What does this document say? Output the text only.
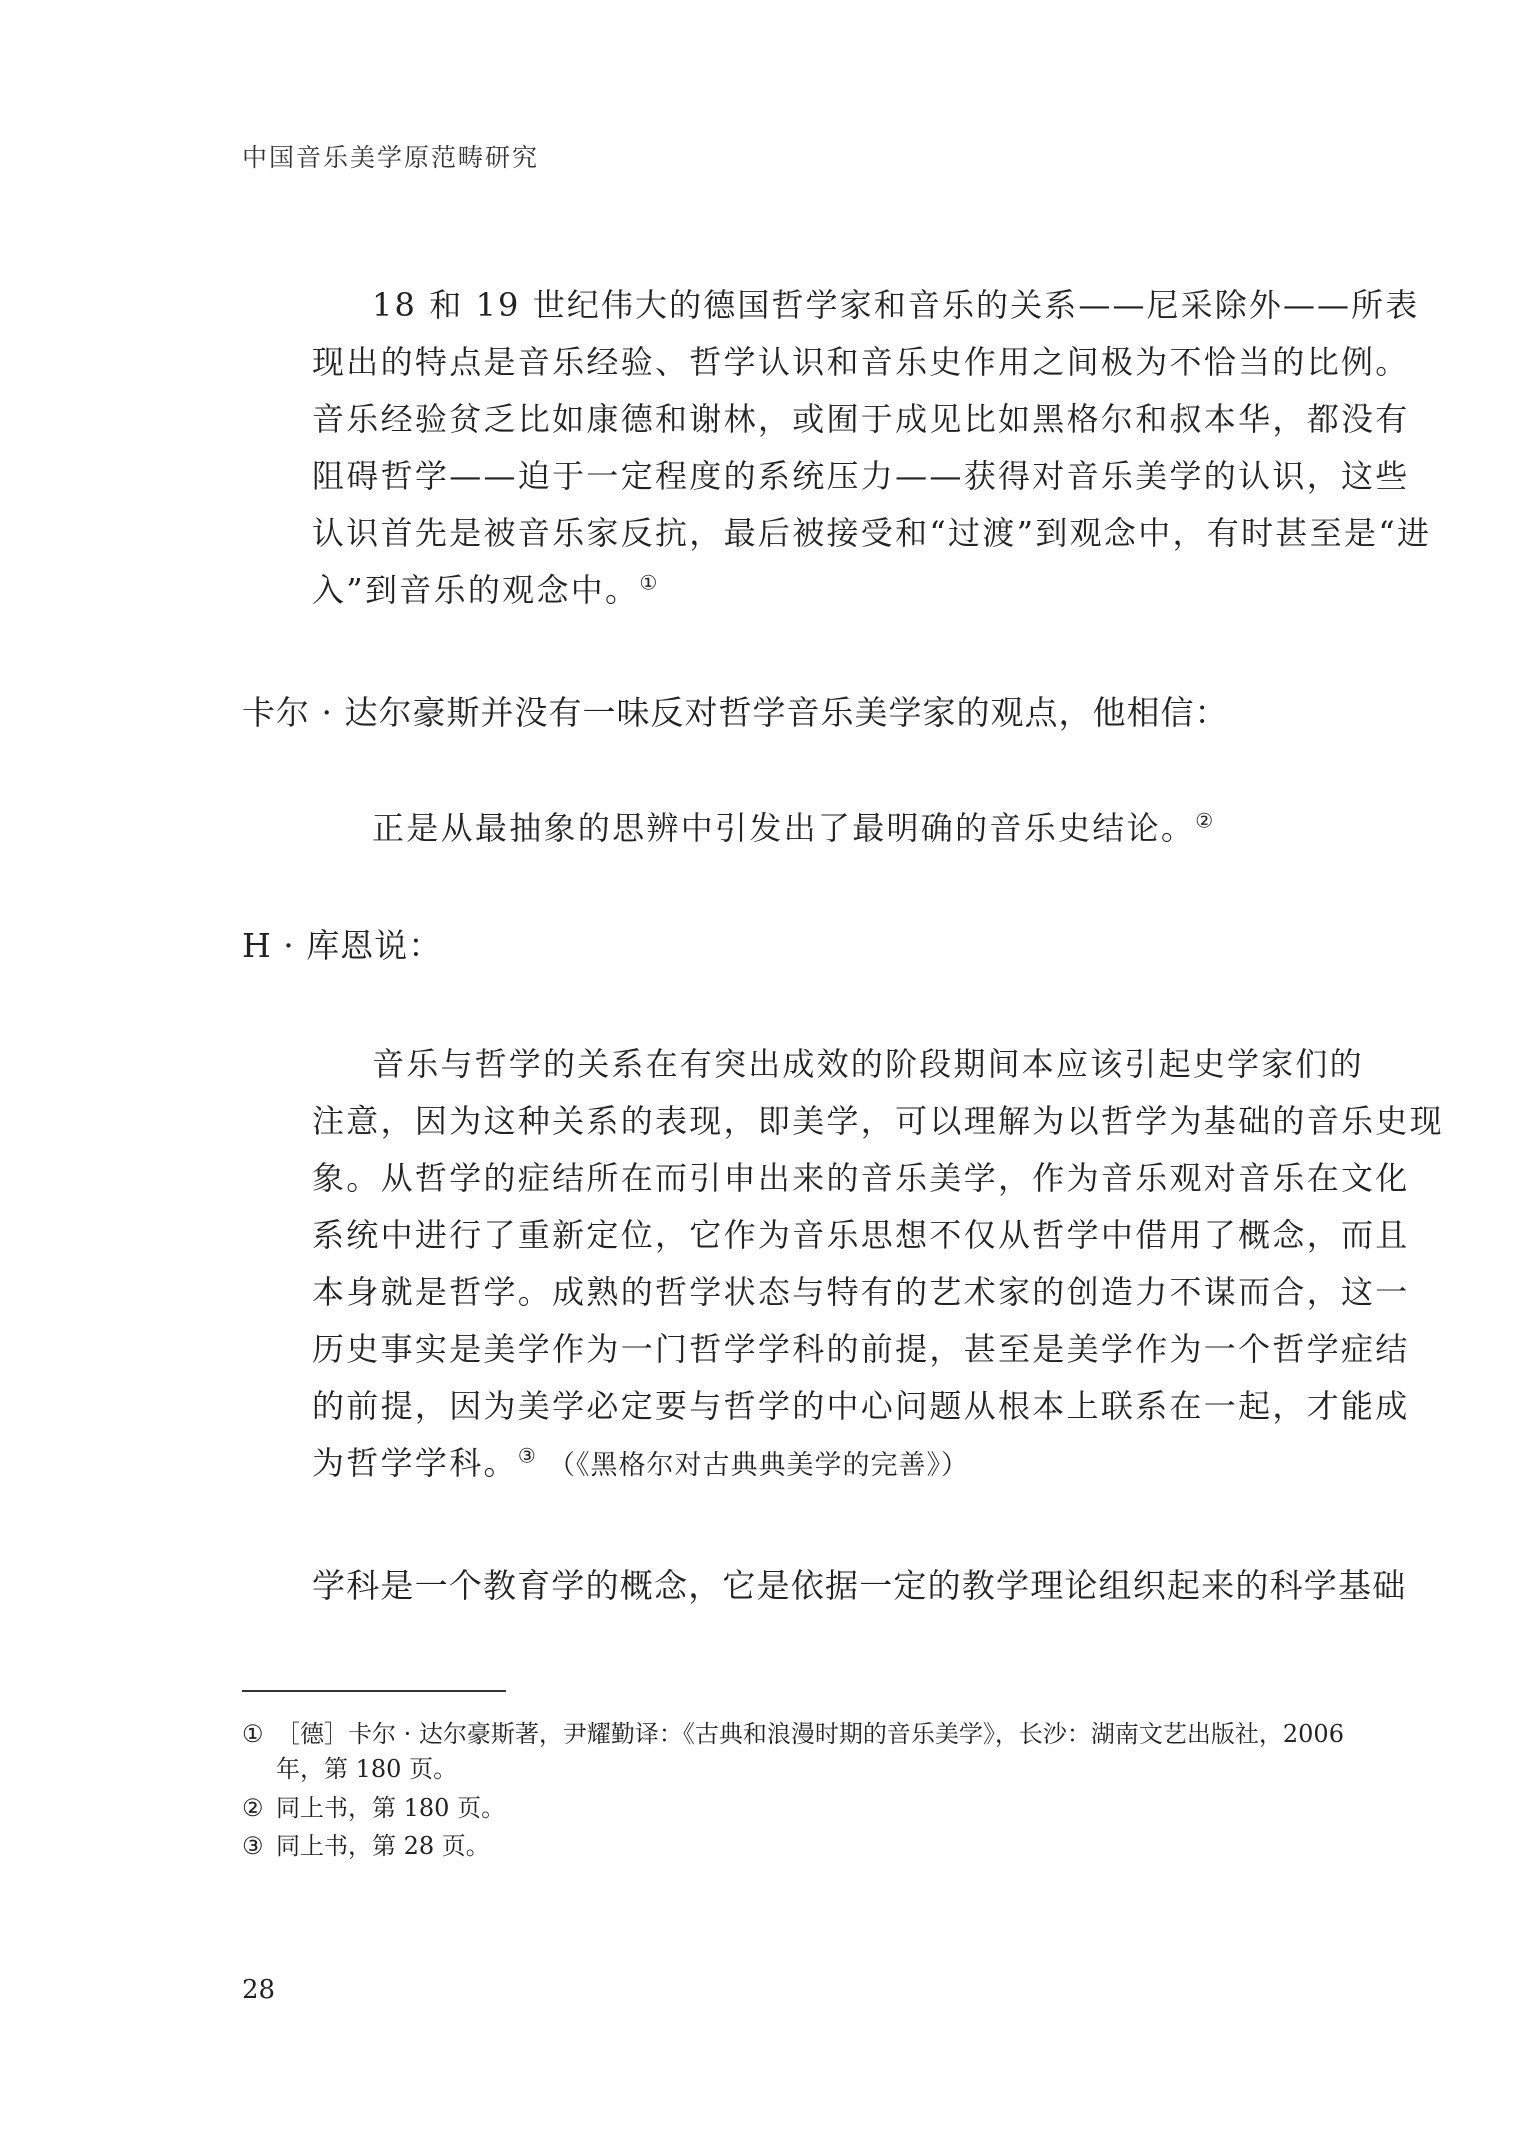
中国音乐美学原范畴研究
18 和 19 世纪伟大的德国哲学家和音乐的关系——尼采除外——所表
现出的特点是音乐经验、哲学认识和音乐史作用之间极为不恰当的比例。
音乐经验贫乏比如康德和谢林，或囿于成见比如黑格尔和叔本华，都没有
阻碍哲学——迫于一定程度的系统压力——获得对音乐美学的认识，这些
认识首先是被音乐家反抗，最后被接受和“过渡”到观念中，有时甚至是“进
入”到音乐的观念中。①
卡尔 · 达尔豪斯并没有一味反对哲学音乐美学家的观点，他相信：
正是从最抽象的思辨中引发出了最明确的音乐史结论。②
H · 库恩说：
音乐与哲学的关系在有突出成效的阶段期间本应该引起史学家们的
注意，因为这种关系的表现，即美学，可以理解为以哲学为基础的音乐史现
象。从哲学的症结所在而引申出来的音乐美学，作为音乐观对音乐在文化
系统中进行了重新定位，它作为音乐思想不仅从哲学中借用了概念，而且
本身就是哲学。成熟的哲学状态与特有的艺术家的创造力不谋而合，这一
历史事实是美学作为一门哲学学科的前提，甚至是美学作为一个哲学症结
的前提，因为美学必定要与哲学的中心问题从根本上联系在一起，才能成
为哲学学科。③ （《黑格尔对古典典美学的完善》）
学科是一个教育学的概念，它是依据一定的教学理论组织起来的科学基础
① ［德］卡尔 · 达尔豪斯著，尹耀勤译：《古典和浪漫时期的音乐美学》，长沙：湖南文艺出版社，2006
年，第 180 页。
② 同上书，第 180 页。
③ 同上书，第 28 页。
28
